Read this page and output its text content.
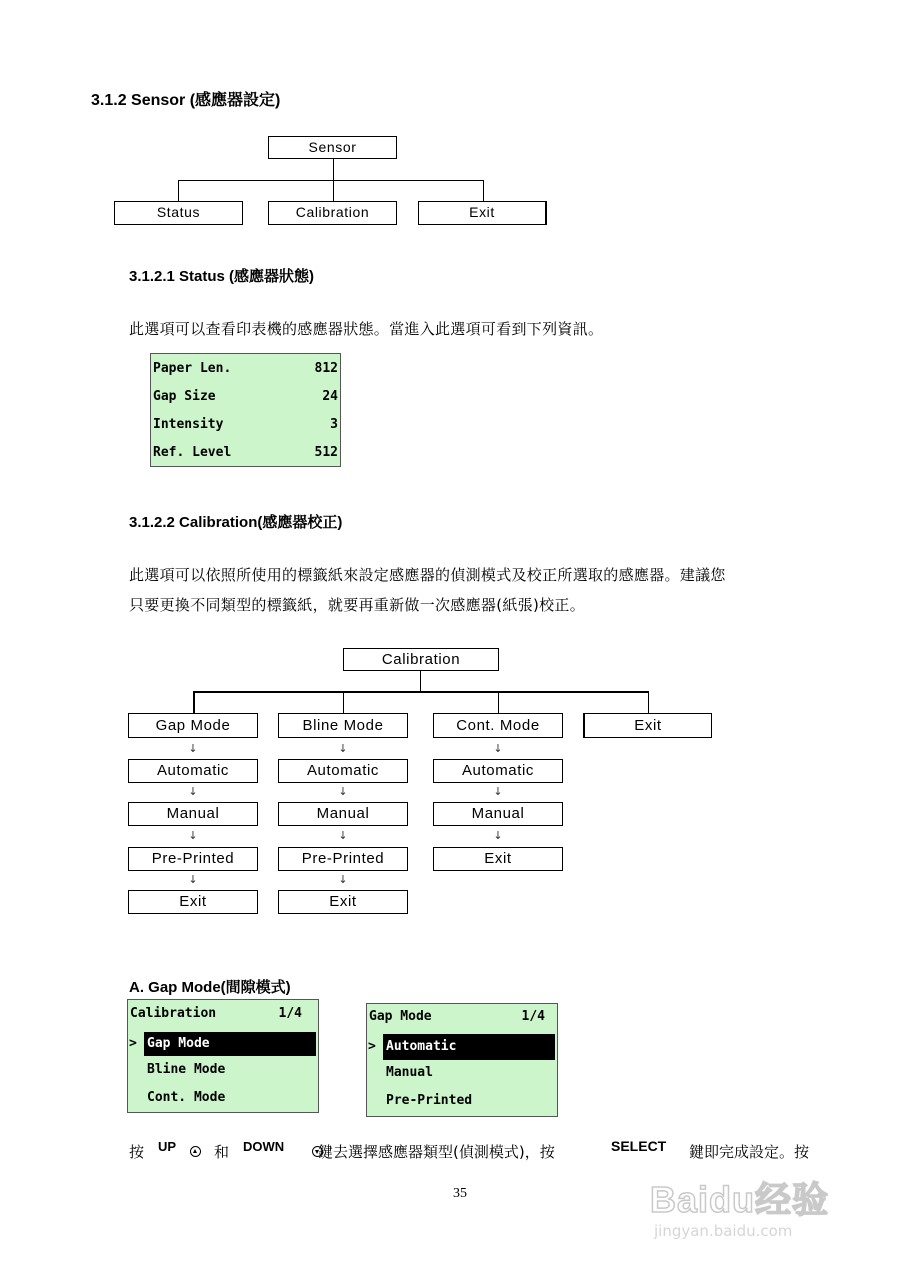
3.1.2 Sensor (感應器設定)
Sensor
Status	Calibration	Exit
3.1.2.1 Status (感應器狀態)
此選項可以查看印表機的感應器狀態。當進入此選項可看到下列資訊。
Paper Len.	812
Gap Size	24
Intensity	3
Ref. Level	512
3.1.2.2 Calibration(感應器校正)
此選項可以依照所使用的標籤紙來設定感應器的偵測模式及校正所選取的感應器。建議您
只要更換不同類型的標籤紙，就要再重新做一次感應器(紙張)校正。
Calibration
Gap Mode	Bline Mode	Cont. Mode	Exit
↓
Automatic
↓
Manual
↓
Pre-Printed
↓
Exit
↓
Automatic
↓
Manual
↓
Pre-Printed
↓
Exit
↓
Automatic
↓
Manual
↓
Exit
A. Gap Mode(間隙模式)
Calibration	1/4
> Gap Mode
Bline Mode
Cont. Mode
Gap Mode	1/4
> Automatic
Manual
Pre-Printed
按 UP
	和 DOWN 鍵去選擇感應器類型(偵測模式)，按	SELECT 鍵即完成設定。按
35	Baidu经验
jingyan.baidu.com
